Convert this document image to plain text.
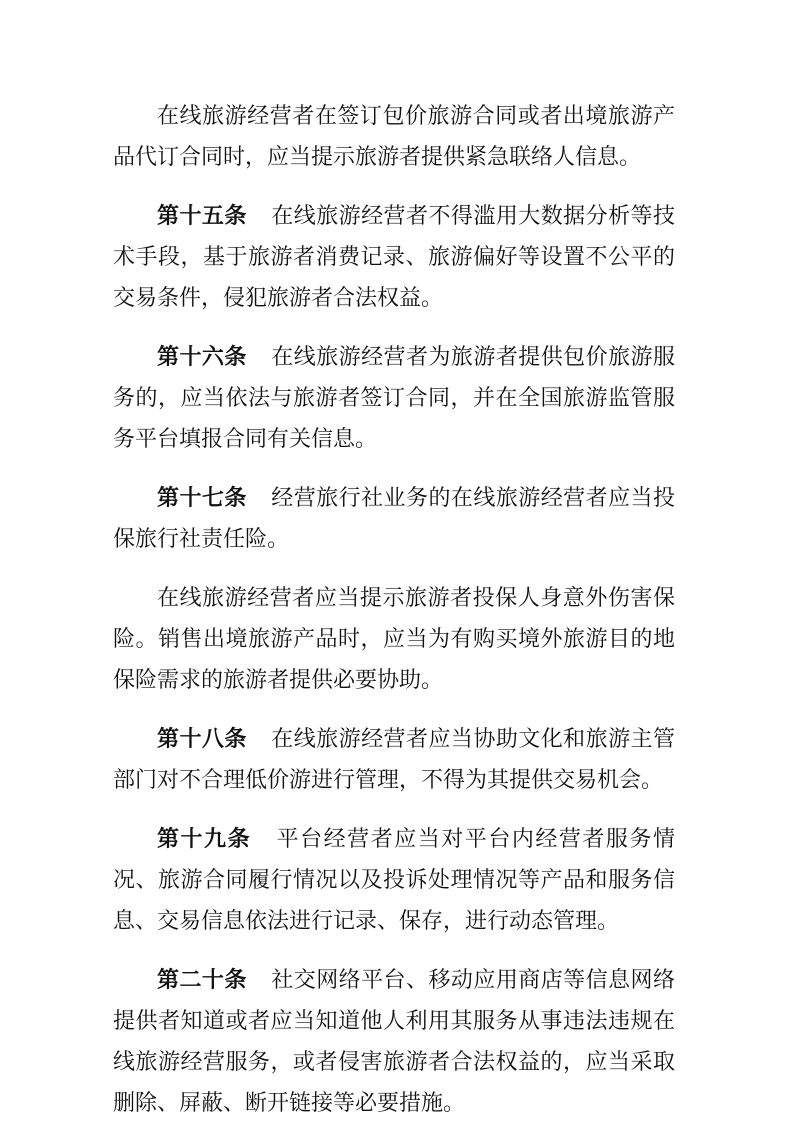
在线旅游经营者在签订包价旅游合同或者出境旅游产品代订合同时，应当提示旅游者提供紧急联络人信息。

第十五条 在线旅游经营者不得滥用大数据分析等技术手段，基于旅游者消费记录、旅游偏好等设置不公平的交易条件，侵犯旅游者合法权益。

第十六条 在线旅游经营者为旅游者提供包价旅游服务的，应当依法与旅游者签订合同，并在全国旅游监管服务平台填报合同有关信息。

第十七条 经营旅行社业务的在线旅游经营者应当投保旅行社责任险。

在线旅游经营者应当提示旅游者投保人身意外伤害保险。销售出境旅游产品时，应当为有购买境外旅游目的地保险需求的旅游者提供必要协助。

第十八条 在线旅游经营者应当协助文化和旅游主管部门对不合理低价游进行管理，不得为其提供交易机会。

第十九条 平台经营者应当对平台内经营者服务情况、旅游合同履行情况以及投诉处理情况等产品和服务信息、交易信息依法进行记录、保存，进行动态管理。

第二十条 社交网络平台、移动应用商店等信息网络提供者知道或者应当知道他人利用其服务从事违法违规在线旅游经营服务，或者侵害旅游者合法权益的，应当采取删除、屏蔽、断开链接等必要措施。
